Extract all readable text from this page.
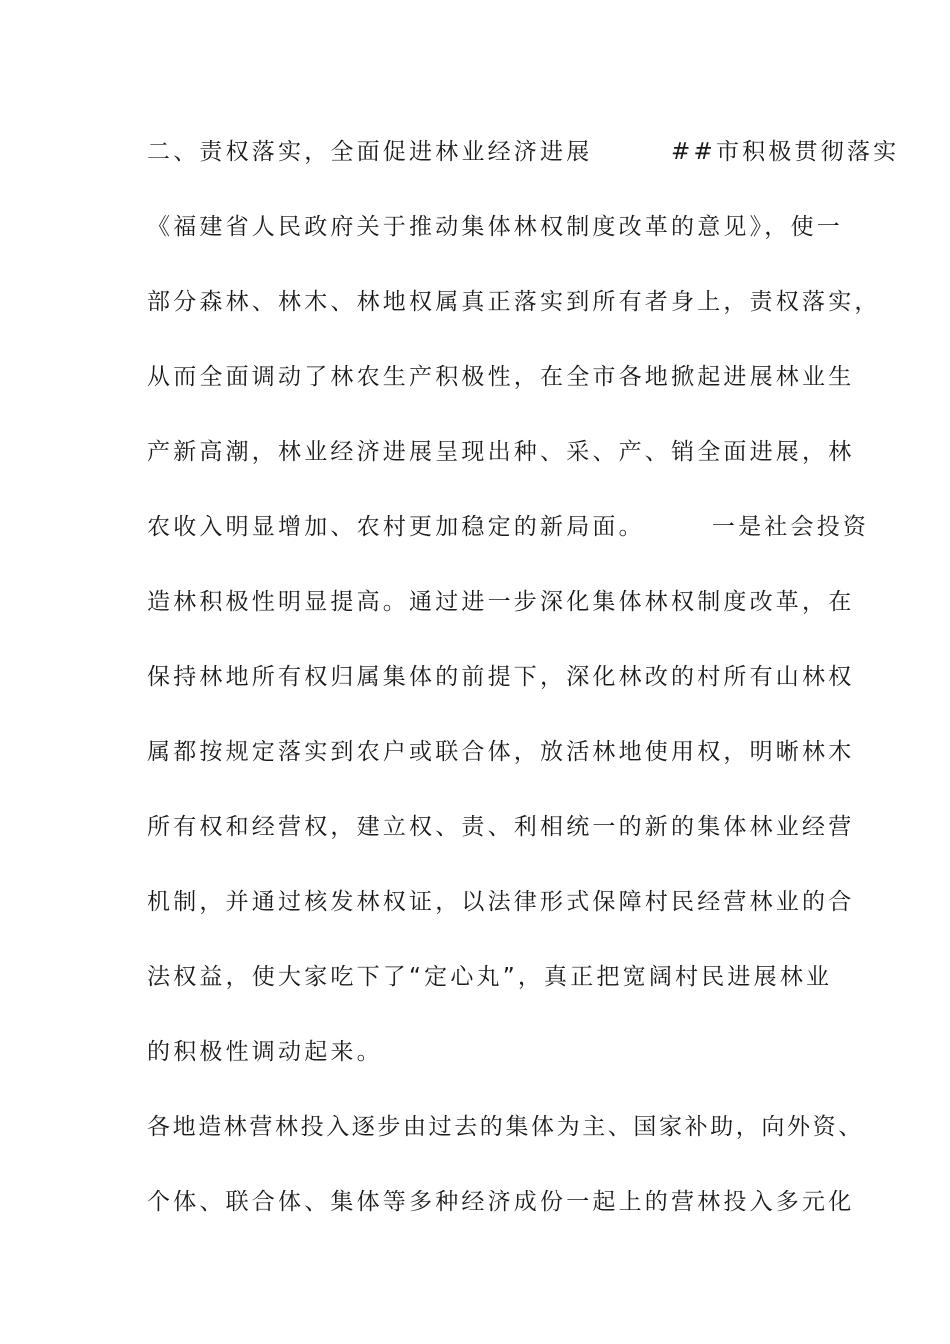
二、责权落实，全面促进林业经济进展　　　##市积极贯彻落实
《福建省人民政府关于推动集体林权制度改革的意见》，使一
部分森林、林木、林地权属真正落实到所有者身上，责权落实，
从而全面调动了林农生产积极性，在全市各地掀起进展林业生
产新高潮，林业经济进展呈现出种、采、产、销全面进展，林
农收入明显增加、农村更加稳定的新局面。　　　一是社会投资
造林积极性明显提高。通过进一步深化集体林权制度改革，在
保持林地所有权归属集体的前提下，深化林改的村所有山林权
属都按规定落实到农户或联合体，放活林地使用权，明晰林木
所有权和经营权，建立权、责、利相统一的新的集体林业经营
机制，并通过核发林权证，以法律形式保障村民经营林业的合
法权益，使大家吃下了“定心丸”，真正把宽阔村民进展林业
的积极性调动起来。
各地造林营林投入逐步由过去的集体为主、国家补助，向外资、
个体、联合体、集体等多种经济成份一起上的营林投入多元化
